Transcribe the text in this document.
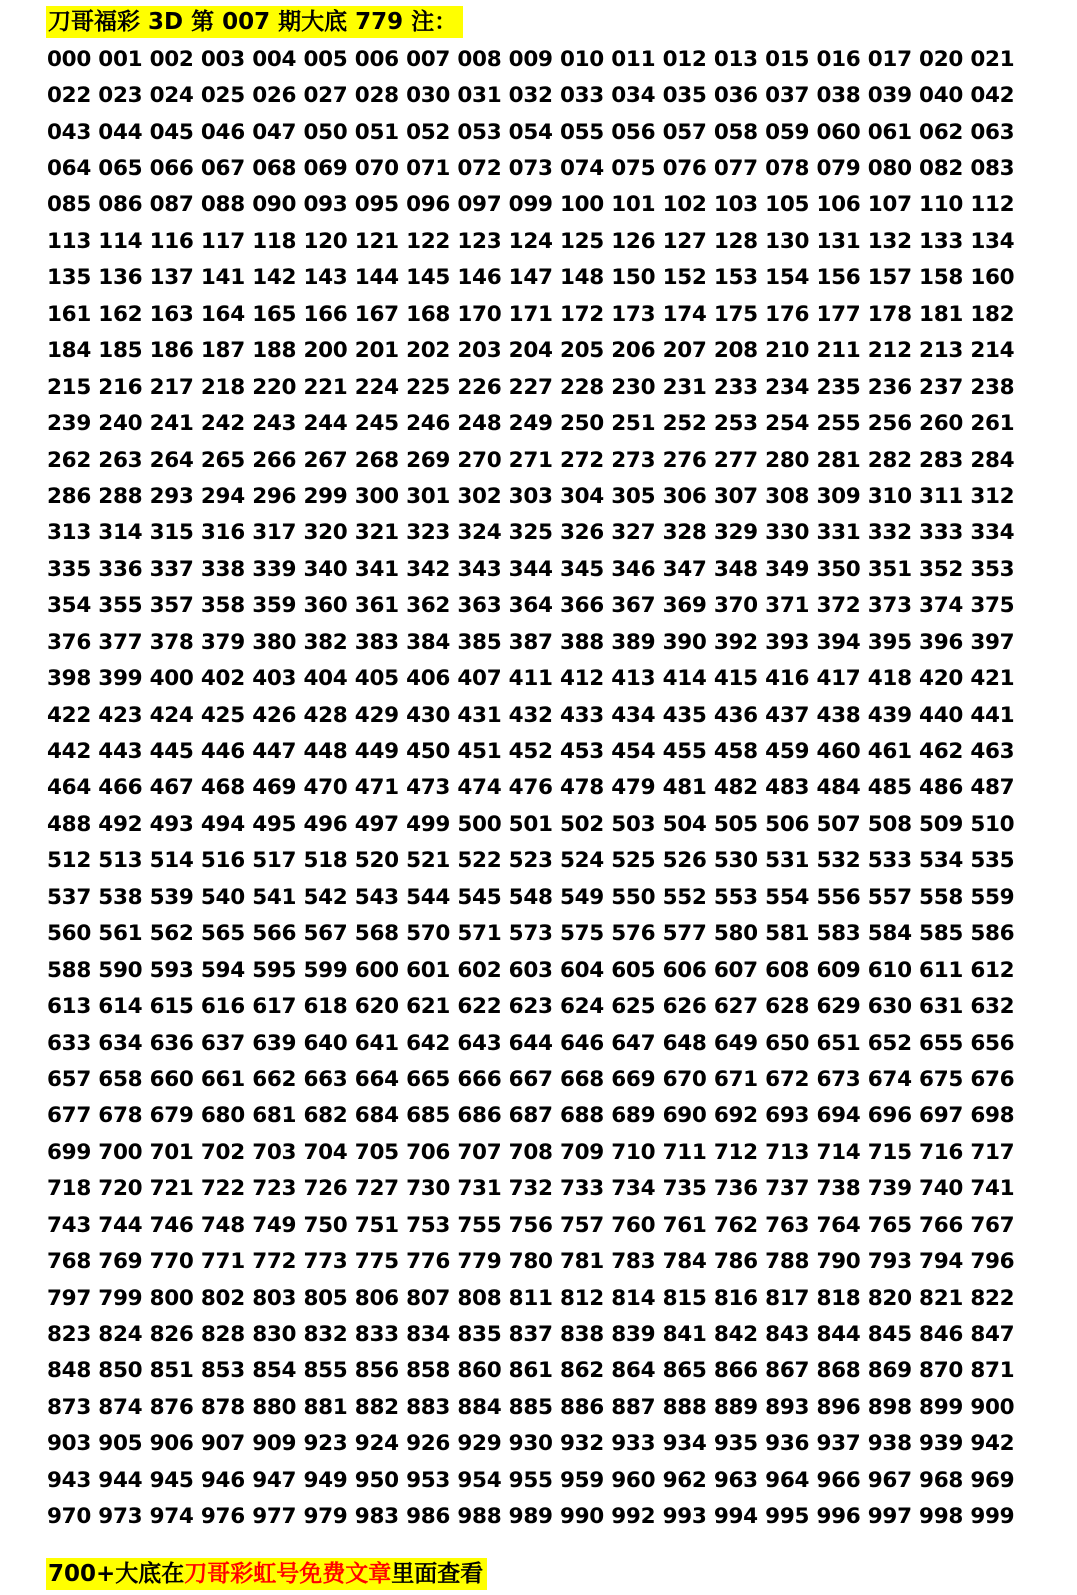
刀哥福彩 3D 第 007 期大底 779 注：
000 001 002 003 004 005 006 007 008 009 010 011 012 013 015 016 017 020 021
022 023 024 025 026 027 028 030 031 032 033 034 035 036 037 038 039 040 042
043 044 045 046 047 050 051 052 053 054 055 056 057 058 059 060 061 062 063
064 065 066 067 068 069 070 071 072 073 074 075 076 077 078 079 080 082 083
085 086 087 088 090 093 095 096 097 099 100 101 102 103 105 106 107 110 112
113 114 116 117 118 120 121 122 123 124 125 126 127 128 130 131 132 133 134
135 136 137 141 142 143 144 145 146 147 148 150 152 153 154 156 157 158 160
161 162 163 164 165 166 167 168 170 171 172 173 174 175 176 177 178 181 182
184 185 186 187 188 200 201 202 203 204 205 206 207 208 210 211 212 213 214
215 216 217 218 220 221 224 225 226 227 228 230 231 233 234 235 236 237 238
239 240 241 242 243 244 245 246 248 249 250 251 252 253 254 255 256 260 261
262 263 264 265 266 267 268 269 270 271 272 273 276 277 280 281 282 283 284
286 288 293 294 296 299 300 301 302 303 304 305 306 307 308 309 310 311 312
313 314 315 316 317 320 321 323 324 325 326 327 328 329 330 331 332 333 334
335 336 337 338 339 340 341 342 343 344 345 346 347 348 349 350 351 352 353
354 355 357 358 359 360 361 362 363 364 366 367 369 370 371 372 373 374 375
376 377 378 379 380 382 383 384 385 387 388 389 390 392 393 394 395 396 397
398 399 400 402 403 404 405 406 407 411 412 413 414 415 416 417 418 420 421
422 423 424 425 426 428 429 430 431 432 433 434 435 436 437 438 439 440 441
442 443 445 446 447 448 449 450 451 452 453 454 455 458 459 460 461 462 463
464 466 467 468 469 470 471 473 474 476 478 479 481 482 483 484 485 486 487
488 492 493 494 495 496 497 499 500 501 502 503 504 505 506 507 508 509 510
512 513 514 516 517 518 520 521 522 523 524 525 526 530 531 532 533 534 535
537 538 539 540 541 542 543 544 545 548 549 550 552 553 554 556 557 558 559
560 561 562 565 566 567 568 570 571 573 575 576 577 580 581 583 584 585 586
588 590 593 594 595 599 600 601 602 603 604 605 606 607 608 609 610 611 612
613 614 615 616 617 618 620 621 622 623 624 625 626 627 628 629 630 631 632
633 634 636 637 639 640 641 642 643 644 646 647 648 649 650 651 652 655 656
657 658 660 661 662 663 664 665 666 667 668 669 670 671 672 673 674 675 676
677 678 679 680 681 682 684 685 686 687 688 689 690 692 693 694 696 697 698
699 700 701 702 703 704 705 706 707 708 709 710 711 712 713 714 715 716 717
718 720 721 722 723 726 727 730 731 732 733 734 735 736 737 738 739 740 741
743 744 746 748 749 750 751 753 755 756 757 760 761 762 763 764 765 766 767
768 769 770 771 772 773 775 776 779 780 781 783 784 786 788 790 793 794 796
797 799 800 802 803 805 806 807 808 811 812 814 815 816 817 818 820 821 822
823 824 826 828 830 832 833 834 835 837 838 839 841 842 843 844 845 846 847
848 850 851 853 854 855 856 858 860 861 862 864 865 866 867 868 869 870 871
873 874 876 878 880 881 882 883 884 885 886 887 888 889 893 896 898 899 900
903 905 906 907 909 923 924 926 929 930 932 933 934 935 936 937 938 939 942
943 944 945 946 947 949 950 953 954 955 959 960 962 963 964 966 967 968 969
970 973 974 976 977 979 983 986 988 989 990 992 993 994 995 996 997 998 999
700+大底在刀哥彩虹号免费文章里面查看
